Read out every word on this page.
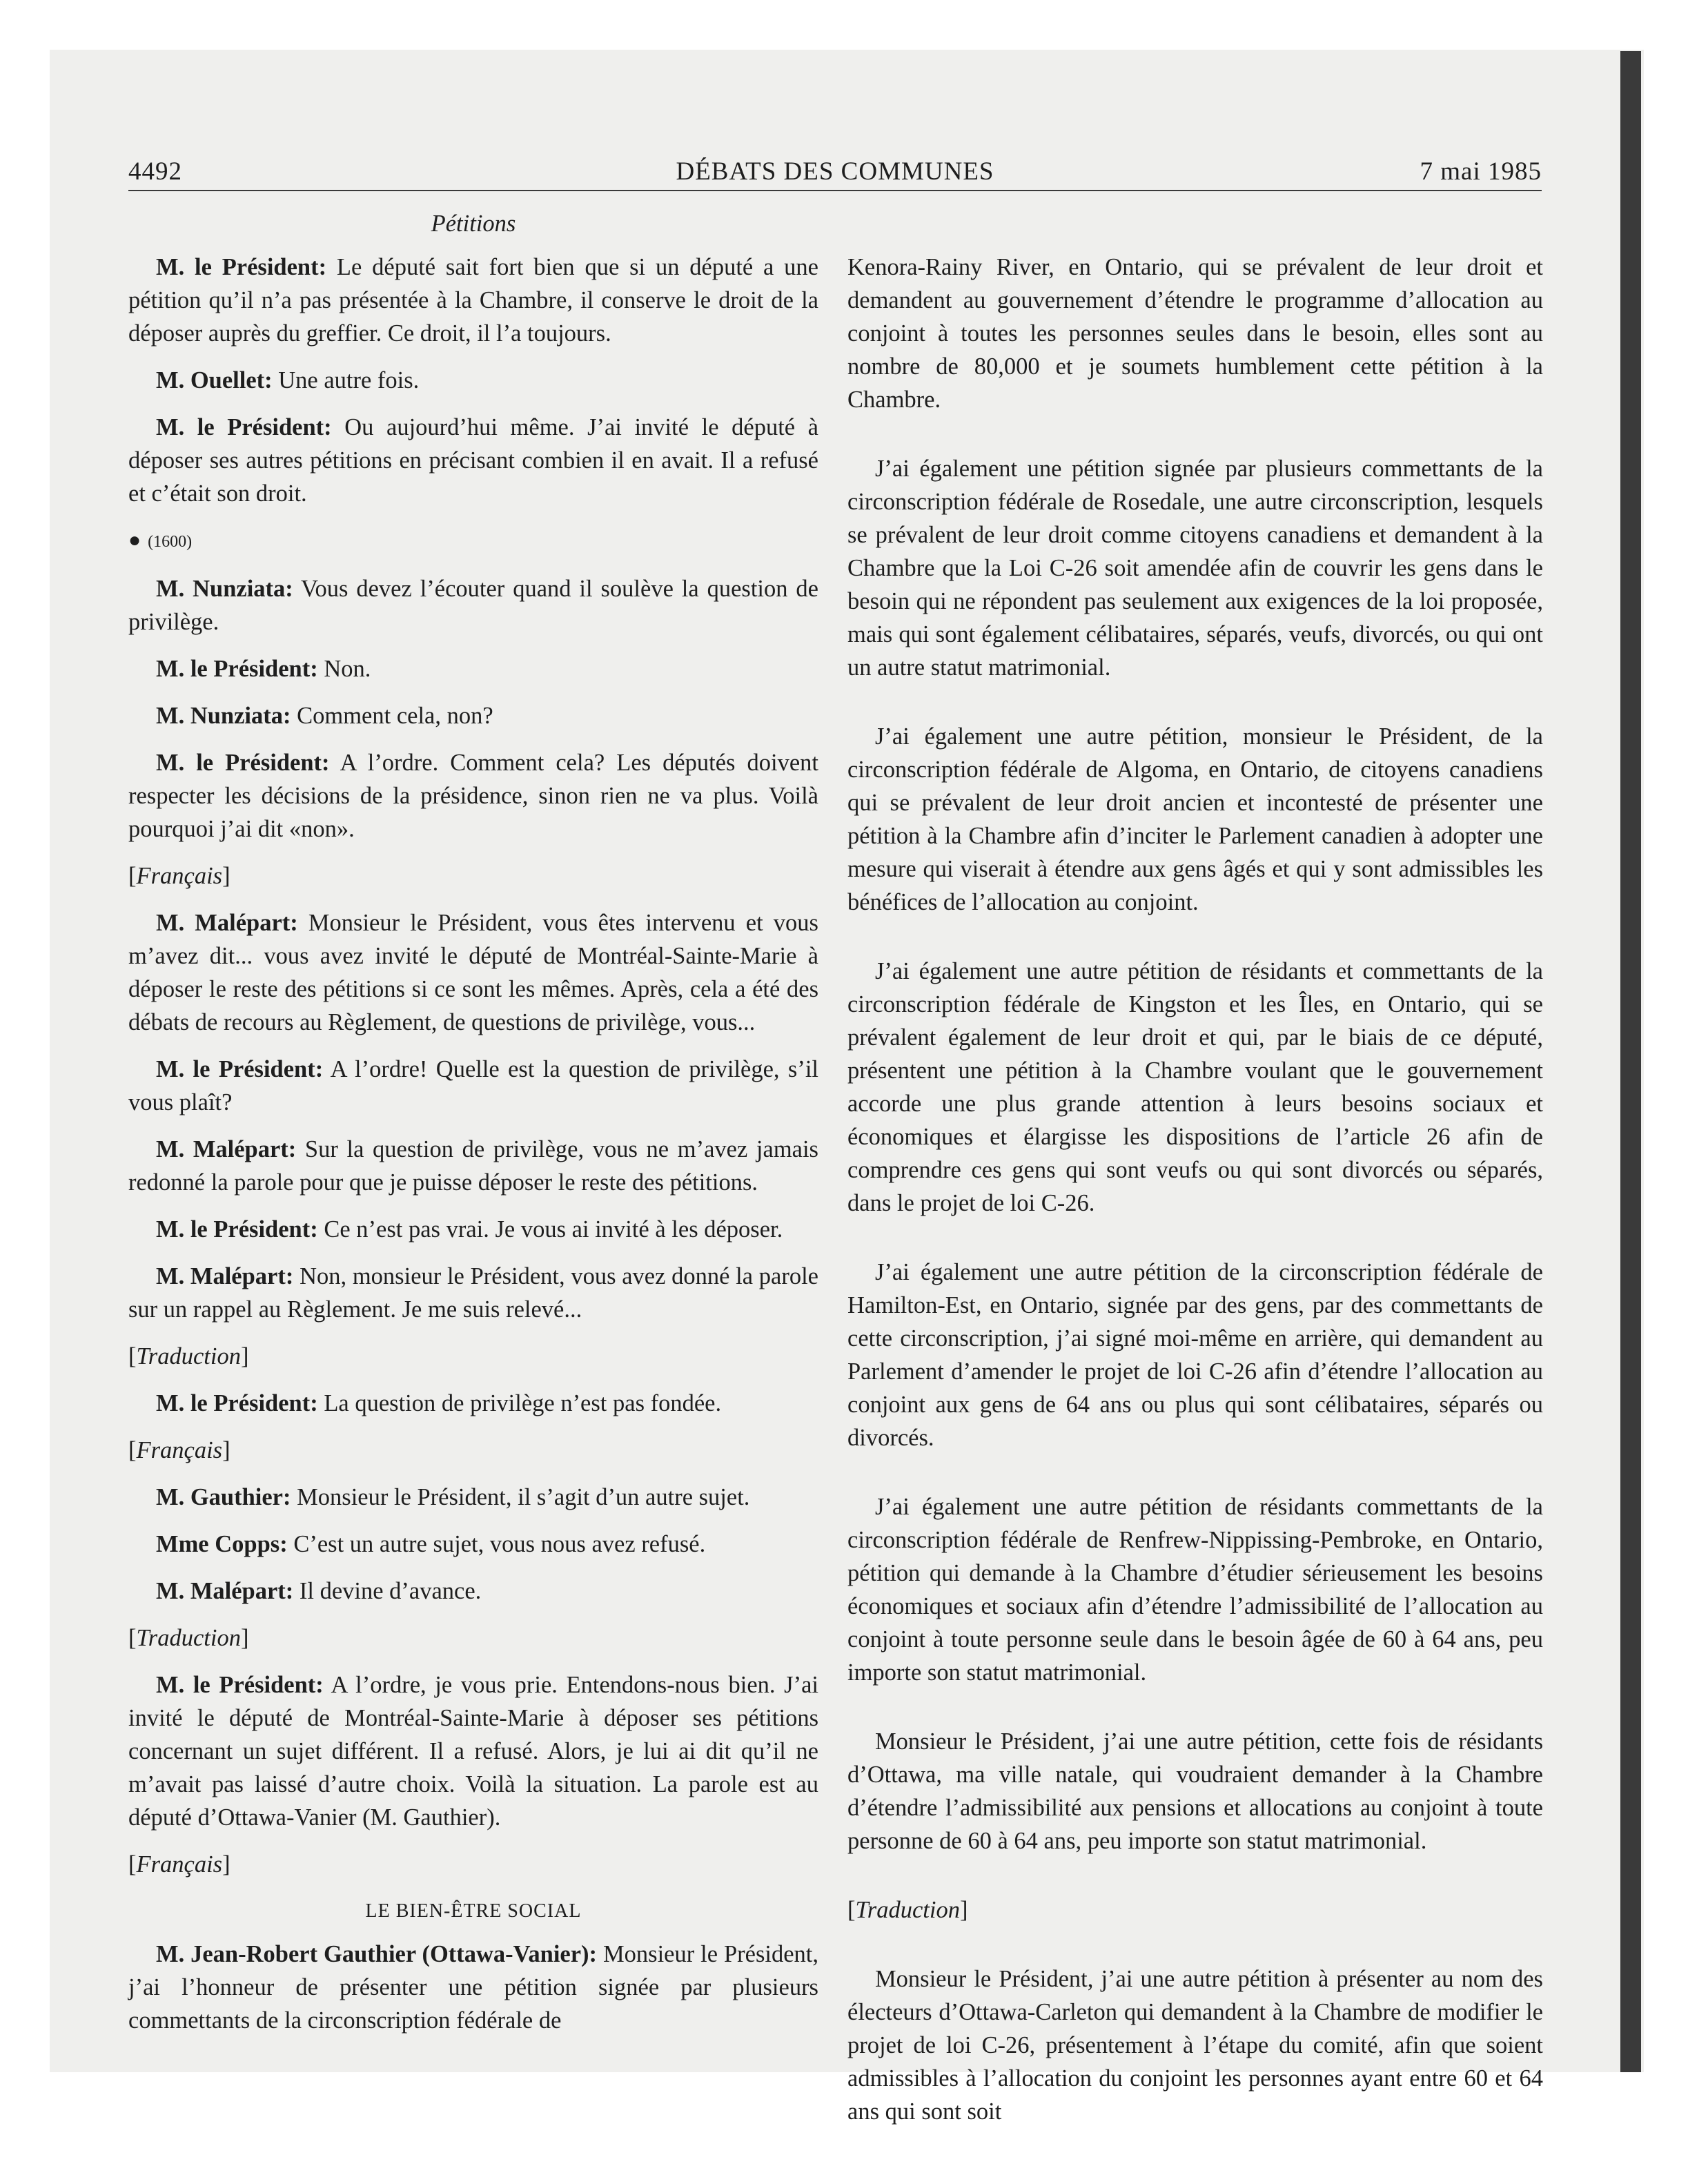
4492	DÉBATS DES COMMUNES	7 mai 1985
Pétitions

M. le Président: Le député sait fort bien que si un député a une pétition qu’il n’a pas présentée à la Chambre, il conserve le droit de la déposer auprès du greffier. Ce droit, il l’a toujours.

M. Ouellet: Une autre fois.

M. le Président: Ou aujourd’hui même. J’ai invité le député à déposer ses autres pétitions en précisant combien il en avait. Il a refusé et c’était son droit.

● (1600)

M. Nunziata: Vous devez l’écouter quand il soulève la question de privilège.

M. le Président: Non.

M. Nunziata: Comment cela, non?

M. le Président: A l’ordre. Comment cela? Les députés doivent respecter les décisions de la présidence, sinon rien ne va plus. Voilà pourquoi j’ai dit «non».

[Français]

M. Malépart: Monsieur le Président, vous êtes intervenu et vous m’avez dit... vous avez invité le député de Montréal-Sainte-Marie à déposer le reste des pétitions si ce sont les mêmes. Après, cela a été des débats de recours au Règlement, de questions de privilège, vous...

M. le Président: A l’ordre! Quelle est la question de privilège, s’il vous plaît?

M. Malépart: Sur la question de privilège, vous ne m’avez jamais redonné la parole pour que je puisse déposer le reste des pétitions.

M. le Président: Ce n’est pas vrai. Je vous ai invité à les déposer.

M. Malépart: Non, monsieur le Président, vous avez donné la parole sur un rappel au Règlement. Je me suis relevé...

[Traduction]

M. le Président: La question de privilège n’est pas fondée.

[Français]

M. Gauthier: Monsieur le Président, il s’agit d’un autre sujet.

Mme Copps: C’est un autre sujet, vous nous avez refusé.

M. Malépart: Il devine d’avance.

[Traduction]

M. le Président: A l’ordre, je vous prie. Entendons-nous bien. J’ai invité le député de Montréal-Sainte-Marie à déposer ses pétitions concernant un sujet différent. Il a refusé. Alors, je lui ai dit qu’il ne m’avait pas laissé d’autre choix. Voilà la situation. La parole est au député d’Ottawa-Vanier (M. Gauthier).

[Français]
LE BIEN-ÊTRE SOCIAL

M. Jean-Robert Gauthier (Ottawa-Vanier): Monsieur le Président, j’ai l’honneur de présenter une pétition signée par plusieurs commettants de la circonscription fédérale de

Kenora-Rainy River, en Ontario, qui se prévalent de leur droit et demandent au gouvernement d’étendre le programme d’allocation au conjoint à toutes les personnes seules dans le besoin, elles sont au nombre de 80,000 et je soumets humblement cette pétition à la Chambre.

J’ai également une pétition signée par plusieurs commettants de la circonscription fédérale de Rosedale, une autre circonscription, lesquels se prévalent de leur droit comme citoyens canadiens et demandent à la Chambre que la Loi C-26 soit amendée afin de couvrir les gens dans le besoin qui ne répondent pas seulement aux exigences de la loi proposée, mais qui sont également célibataires, séparés, veufs, divorcés, ou qui ont un autre statut matrimonial.

J’ai également une autre pétition, monsieur le Président, de la circonscription fédérale de Algoma, en Ontario, de citoyens canadiens qui se prévalent de leur droit ancien et incontesté de présenter une pétition à la Chambre afin d’inciter le Parlement canadien à adopter une mesure qui viserait à étendre aux gens âgés et qui y sont admissibles les bénéfices de l’allocation au conjoint.

J’ai également une autre pétition de résidants et commettants de la circonscription fédérale de Kingston et les Îles, en Ontario, qui se prévalent également de leur droit et qui, par le biais de ce député, présentent une pétition à la Chambre voulant que le gouvernement accorde une plus grande attention à leurs besoins sociaux et économiques et élargisse les dispositions de l’article 26 afin de comprendre ces gens qui sont veufs ou qui sont divorcés ou séparés, dans le projet de loi C-26.

J’ai également une autre pétition de la circonscription fédérale de Hamilton-Est, en Ontario, signée par des gens, par des commettants de cette circonscription, j’ai signé moi-même en arrière, qui demandent au Parlement d’amender le projet de loi C-26 afin d’étendre l’allocation au conjoint aux gens de 64 ans ou plus qui sont célibataires, séparés ou divorcés.

J’ai également une autre pétition de résidants commettants de la circonscription fédérale de Renfrew-Nippissing-Pembroke, en Ontario, pétition qui demande à la Chambre d’étudier sérieusement les besoins économiques et sociaux afin d’étendre l’admissibilité de l’allocation au conjoint à toute personne seule dans le besoin âgée de 60 à 64 ans, peu importe son statut matrimonial.

Monsieur le Président, j’ai une autre pétition, cette fois de résidants d’Ottawa, ma ville natale, qui voudraient demander à la Chambre d’étendre l’admissibilité aux pensions et allocations au conjoint à toute personne de 60 à 64 ans, peu importe son statut matrimonial.

[Traduction]

Monsieur le Président, j’ai une autre pétition à présenter au nom des électeurs d’Ottawa-Carleton qui demandent à la Chambre de modifier le projet de loi C-26, présentement à l’étape du comité, afin que soient admissibles à l’allocation du conjoint les personnes ayant entre 60 et 64 ans qui sont soit
